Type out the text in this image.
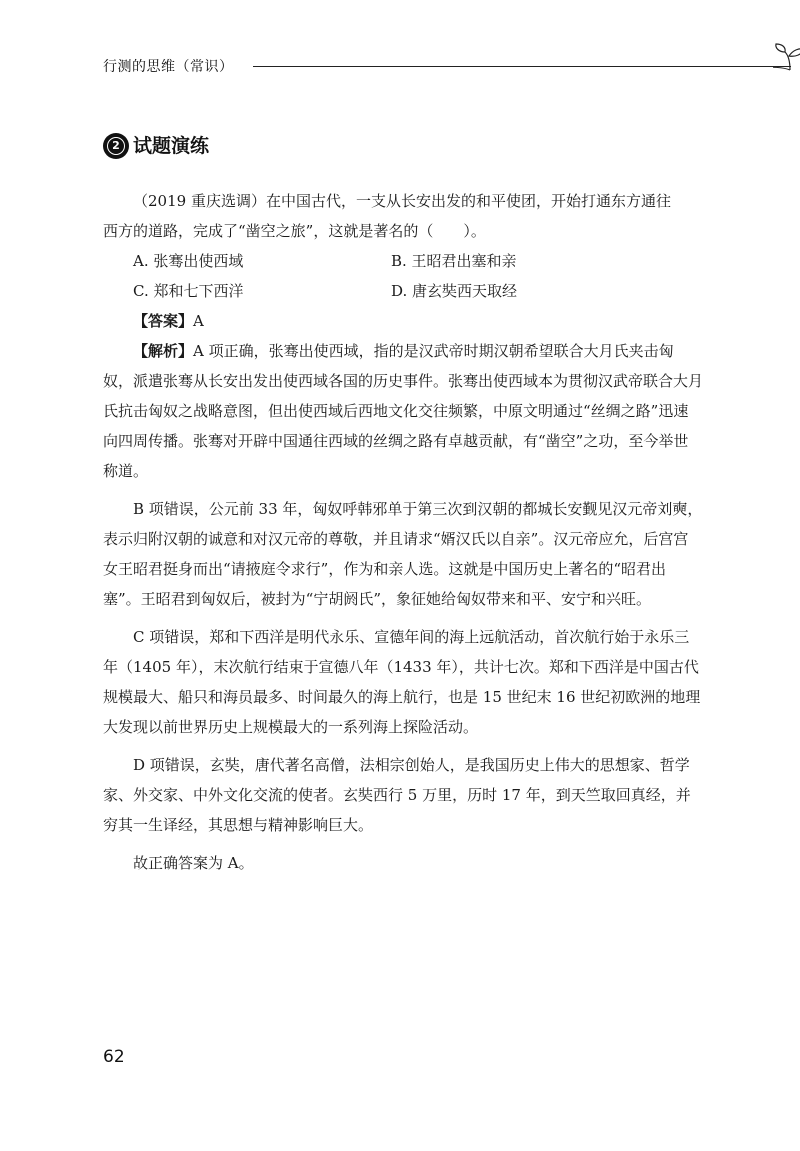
行测的思维（常识）
2 试题演练

（2019 重庆选调）在中国古代，一支从长安出发的和平使团，开始打通东方通往

西方的道路，完成了“凿空之旅”，这就是著名的（　　）。

A. 张骞出使西域	B. 王昭君出塞和亲
C. 郑和七下西洋	D. 唐玄奘西天取经

【答案】A

【解析】A 项正确，张骞出使西域，指的是汉武帝时期汉朝希望联合大月氏夹击匈奴，派遣张骞从长安出发出使西域各国的历史事件。张骞出使西域本为贯彻汉武帝联合大月氏抗击匈奴之战略意图，但出使西域后西地文化交往频繁，中原文明通过“丝绸之路”迅速向四周传播。张骞对开辟中国通往西域的丝绸之路有卓越贡献，有“凿空”之功，至今举世称道。

B 项错误，公元前 33 年，匈奴呼韩邪单于第三次到汉朝的都城长安觐见汉元帝刘奭，表示归附汉朝的诚意和对汉元帝的尊敬，并且请求“婿汉氏以自亲”。汉元帝应允，后宫宫女王昭君挺身而出“请掖庭令求行”，作为和亲人选。这就是中国历史上著名的“昭君出塞”。王昭君到匈奴后，被封为“宁胡阏氏”，象征她给匈奴带来和平、安宁和兴旺。

C 项错误，郑和下西洋是明代永乐、宣德年间的海上远航活动，首次航行始于永乐三年（1405 年），末次航行结束于宣德八年（1433 年），共计七次。郑和下西洋是中国古代规模最大、船只和海员最多、时间最久的海上航行，也是 15 世纪末 16 世纪初欧洲的地理大发现以前世界历史上规模最大的一系列海上探险活动。

D 项错误，玄奘，唐代著名高僧，法相宗创始人，是我国历史上伟大的思想家、哲学家、外交家、中外文化交流的使者。玄奘西行 5 万里，历时 17 年，到天竺取回真经，并穷其一生译经，其思想与精神影响巨大。

故正确答案为 A。

62
